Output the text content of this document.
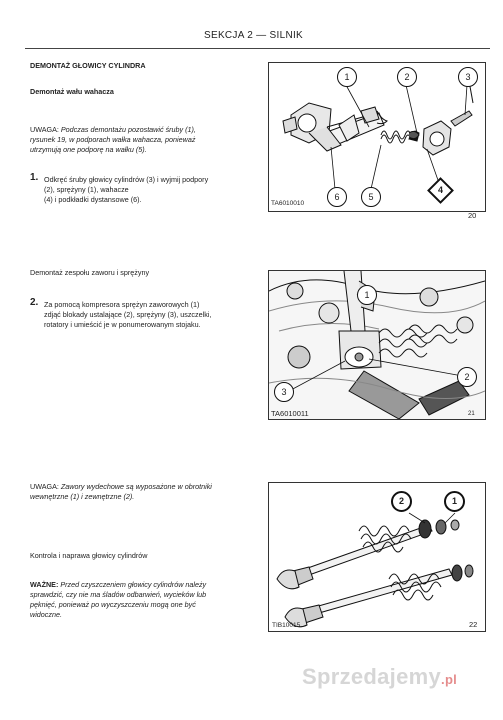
SEKCJA 2 — SILNIK
DEMONTAŻ GŁOWICY CYLINDRA
Demontaż wału wahacza
UWAGA: Podczas demontażu pozostawić śruby (1),
rysunek 19, w podporach wałka wahacza, ponieważ
utrzymują one podporę na wałku (5).
1. Odkręć śruby głowicy cylindrów (3) i wyjmij podpory
(2), sprężyny (1), wahacze
(4) i podkładki dystansowe (6).
Demontaż zespołu zaworu i sprężyny
2. Za pomocą kompresora sprężyn zaworowych (1)
zdjąć blokady ustalające (2), sprężyny (3), uszczelki,
rotatory i umieścić je w ponumerowanym stojaku.
UWAGA: Zawory wydechowe są wyposażone w obrotniki
wewnętrzne (1) i zewnętrzne (2).
Kontrola i naprawa głowicy cylindrów
WAŻNE: Przed czyszczeniem głowicy cylindrów należy
sprawdzić, czy nie ma śladów odbarwień, wycieków lub
pęknięć, ponieważ po wyczyszczeniu mogą one być
widoczne.
1	2	3
4
5
6
TA6010010
20
1
2
3
TA6010011	21
2	1
TIB10015	22
Sprzedajemy.pl
